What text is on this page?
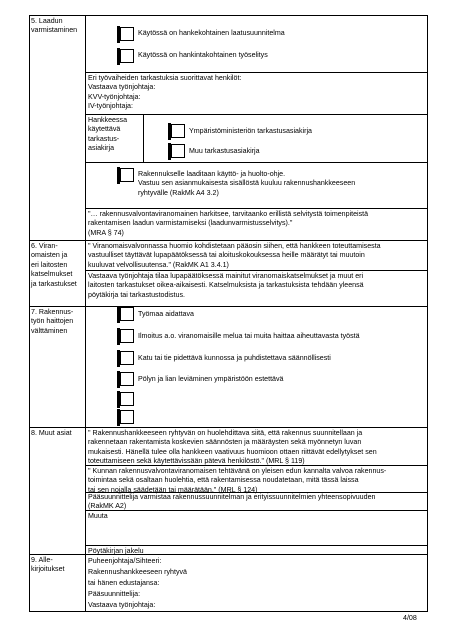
5. Laadun
varmistaminen	Käytössä on hankekohtainen laatusuunnitelma
Käytössä on hankintakohtainen työselitys
Eri työvaiheiden tarkastuksia suorittavat henkilöt:
Vastaava työnjohtaja:
KVV-työnjohtaja:
IV-työnjohtaja:
Hankkeessa
käytettävä
tarkastus-
asiakirja
Ympäristöministeriön tarkastusasiakirja
Muu tarkastusasiakirja
Rakennukselle laaditaan käyttö- ja huolto-ohje.
Vastuu sen asianmukaisesta sisällöstä kuuluu rakennushankkeeseen
ryhtyvälle (RakMk A4 3.2)
"… rakennusvalvontaviranomainen harkitsee, tarvitaanko erillistä selvitystä toimenpiteistä
rakentamisen laadun varmistamiseksi (laadunvarmistusselvitys)."
(MRA § 74)
6. Viran-
omaisten ja
eri laitosten
katselmukset
ja tarkastukset
" Viranomaisvalvonnassa huomio kohdistetaan pääosin siihen, että hankkeen toteuttamisesta
vastuulliset täyttävät lupapäätöksessä tai aloituskokouksessa heille määrätyt tai muutoin
kuuluvat velvollisuutensa." (RakMK A1 3.4.1)
Vastaava työnjohtaja tilaa lupapäätöksessä mainitut viranomaiskatselmukset ja muut eri
laitosten tarkastukset oikea-aikaisesti. Katselmuksista ja tarkastuksista tehdään yleensä
pöytäkirja tai tarkastustodistus.
7. Rakennus-
työn haittojen
välttäminen
Työmaa aidattava
Ilmoitus a.o. viranomaisille melua tai muita haittaa aiheuttavasta työstä
Katu tai tie pidettävä kunnossa ja puhdistettava säännöllisesti
Pölyn ja lian leviäminen ympäristöön estettävä
8. Muut asiat " Rakennushankkeeseen ryhtyvän on huolehdittava siitä, että rakennus suunnitellaan ja
rakennetaan rakentamista koskevien säännösten ja määräysten sekä myönnetyn luvan
mukaisesti. Hänellä tulee olla hankkeen vaativuus huomioon ottaen riittävät edellytykset sen
toteuttamiseen sekä käytettävissään pätevä henkilöstö." (MRL § 119)
" Kunnan rakennusvalvontaviranomaisen tehtävänä on yleisen edun kannalta valvoa rakennus-
toimintaa sekä osaltaan huolehtia, että rakentamisessa noudatetaan, mitä tässä laissa
tai sen nojalla säädetään tai määrätään." (MRL § 124)
Pääsuunnittelija varmistaa rakennussuunnitelman ja erityissuunnitelmien yhteensopivuuden
(RakMK A2)
Muuta
Pöytäkirjan jakelu
9. Alle-
kirjoitukset
Puheenjohtaja/Sihteeri:
Rakennushankkeeseen ryhtyvä
tai hänen edustajansa:
Pääsuunnittelija:
Vastaava työnjohtaja:
4/08
